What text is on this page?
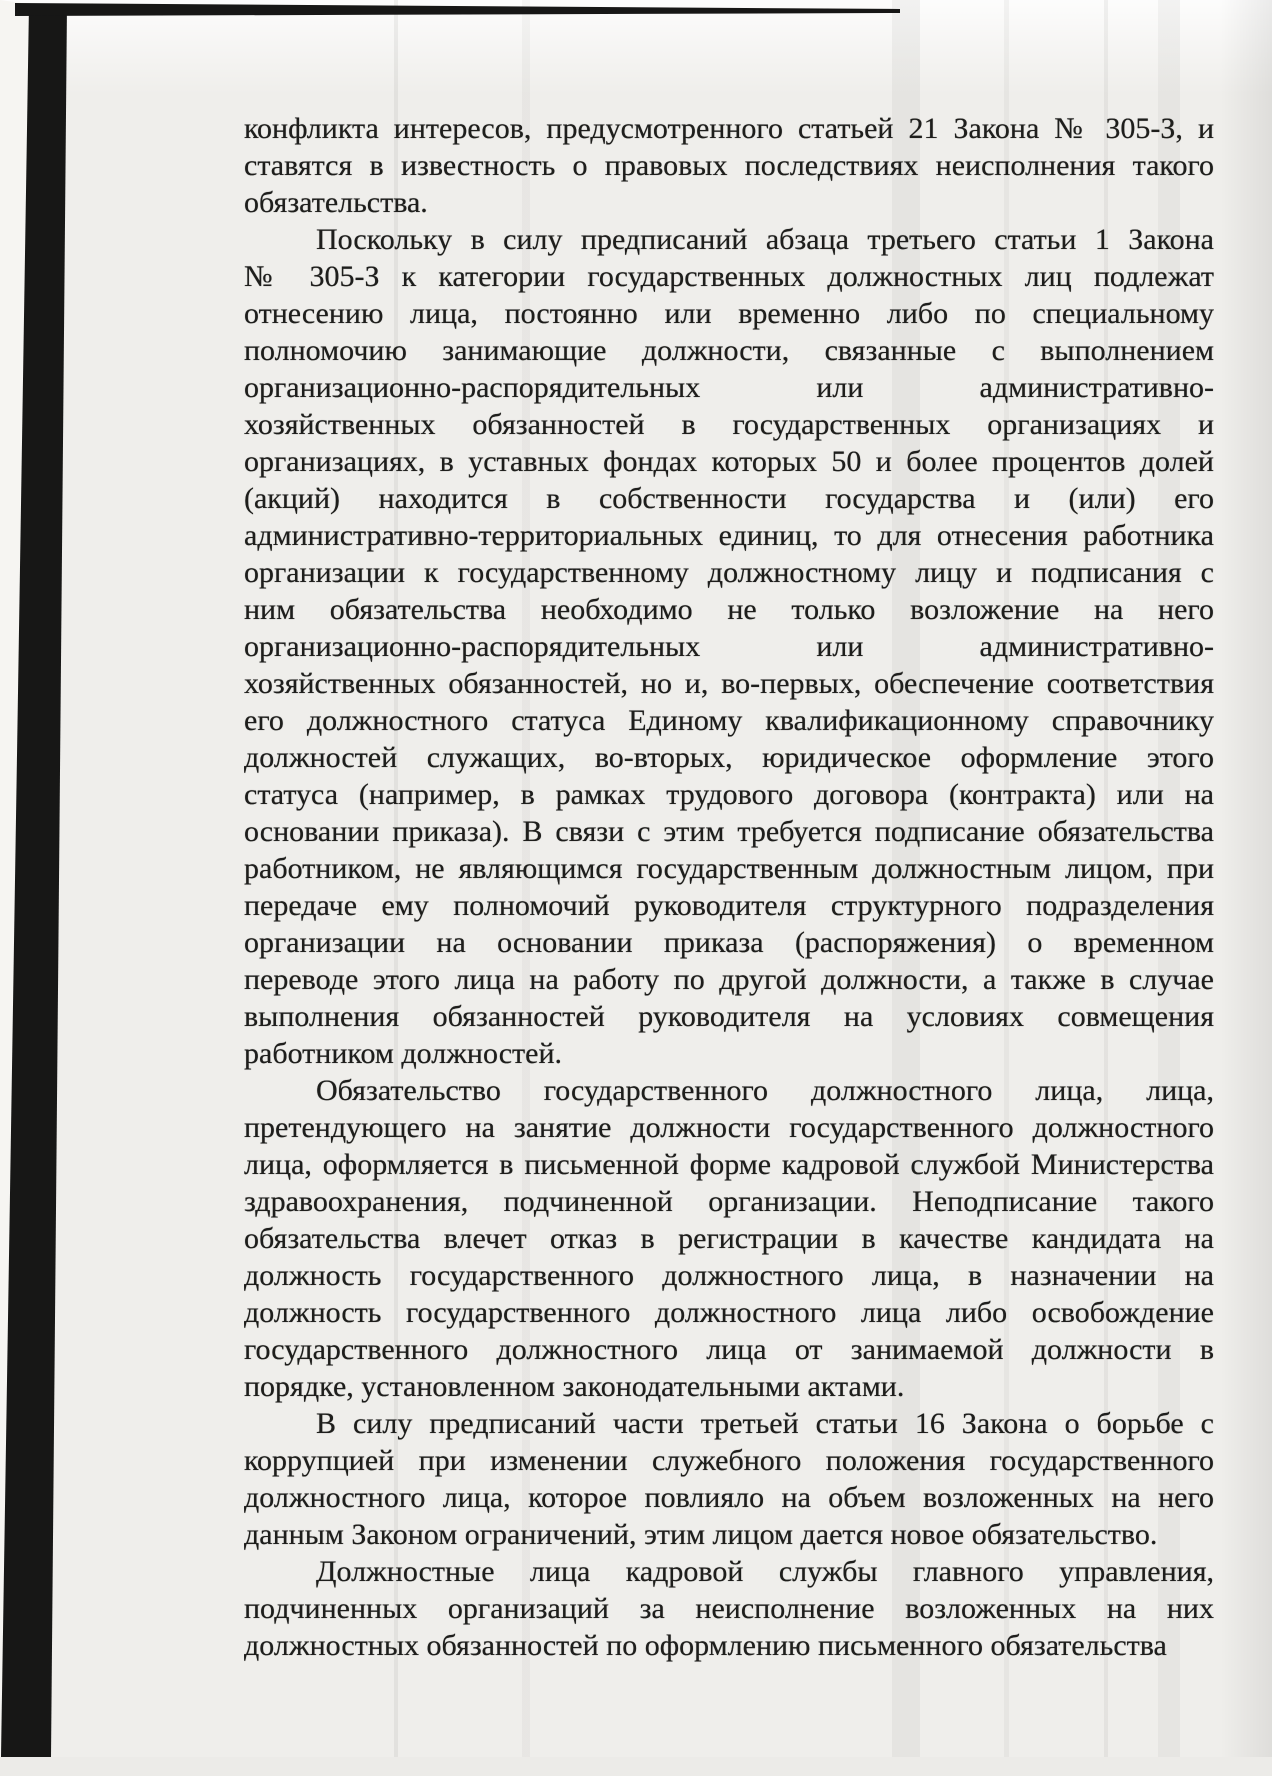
конфликта интересов, предусмотренного статьей 21 Закона № 305-З, и
ставятся в известность о правовых последствиях неисполнения такого
обязательства.
Поскольку в силу предписаний абзаца третьего статьи 1 Закона
№ 305-З к категории государственных должностных лиц подлежат
отнесению лица, постоянно или временно либо по специальному
полномочию занимающие должности, связанные с выполнением
организационно-распорядительных или административно-
хозяйственных обязанностей в государственных организациях и
организациях, в уставных фондах которых 50 и более процентов долей
(акций) находится в собственности государства и (или) его
административно-территориальных единиц, то для отнесения работника
организации к государственному должностному лицу и подписания с
ним обязательства необходимо не только возложение на него
организационно-распорядительных или административно-
хозяйственных обязанностей, но и, во-первых, обеспечение соответствия
его должностного статуса Единому квалификационному справочнику
должностей служащих, во-вторых, юридическое оформление этого
статуса (например, в рамках трудового договора (контракта) или на
основании приказа). В связи с этим требуется подписание обязательства
работником, не являющимся государственным должностным лицом, при
передаче ему полномочий руководителя структурного подразделения
организации на основании приказа (распоряжения) о временном
переводе этого лица на работу по другой должности, а также в случае
выполнения обязанностей руководителя на условиях совмещения
работником должностей.
Обязательство государственного должностного лица, лица,
претендующего на занятие должности государственного должностного
лица, оформляется в письменной форме кадровой службой Министерства
здравоохранения, подчиненной организации. Неподписание такого
обязательства влечет отказ в регистрации в качестве кандидата на
должность государственного должностного лица, в назначении на
должность государственного должностного лица либо освобождение
государственного должностного лица от занимаемой должности в
порядке, установленном законодательными актами.
В силу предписаний части третьей статьи 16 Закона о борьбе с
коррупцией при изменении служебного положения государственного
должностного лица, которое повлияло на объем возложенных на него
данным Законом ограничений, этим лицом дается новое обязательство.
Должностные лица кадровой службы главного управления,
подчиненных организаций за неисполнение возложенных на них
должностных обязанностей по оформлению письменного обязательства
